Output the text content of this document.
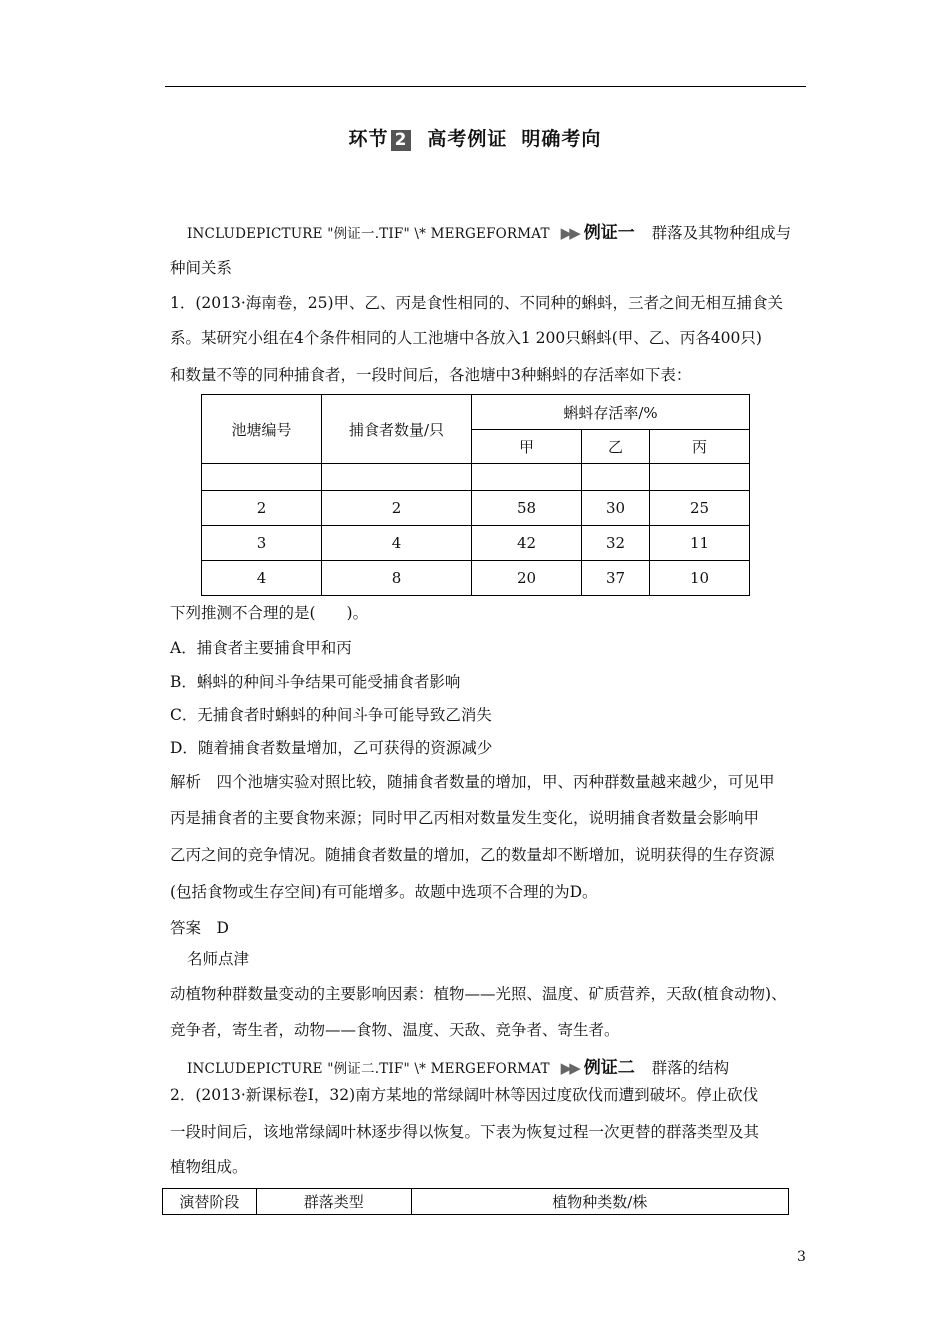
环节 2 高考例证 明确考向
INCLUDEPICTURE "例证一.TIF" \* MERGEFORMAT ▶▶ 例证一 群落及其物种组成与
种间关系
1．(2013·海南卷，25)甲、乙、丙是食性相同的、不同种的蝌蚪，三者之间无相互捕食关
系。某研究小组在4个条件相同的人工池塘中各放入1 200只蝌蚪(甲、乙、丙各400只)
和数量不等的同种捕食者，一段时间后，各池塘中3种蝌蚪的存活率如下表：
池塘编号	捕食者数量/只	蝌蚪存活率/%		
		甲	乙	丙

2	2	58	30	25
3	4	42	32	11
4	8	20	37	10
下列推测不合理的是(　　)。
A．捕食者主要捕食甲和丙
B．蝌蚪的种间斗争结果可能受捕食者影响
C．无捕食者时蝌蚪的种间斗争可能导致乙消失
D．随着捕食者数量增加，乙可获得的资源减少
解析　四个池塘实验对照比较，随捕食者数量的增加，甲、丙种群数量越来越少，可见甲
丙是捕食者的主要食物来源；同时甲乙丙相对数量发生变化，说明捕食者数量会影响甲
乙丙之间的竞争情况。随捕食者数量的增加，乙的数量却不断增加，说明获得的生存资源
(包括食物或生存空间)有可能增多。故题中选项不合理的为D。
答案　D
名师点津
动植物种群数量变动的主要影响因素：植物——光照、温度、矿质营养，天敌(植食动物)、
竞争者，寄生者，动物——食物、温度、天敌、竞争者、寄生者。
INCLUDEPICTURE "例证二.TIF" \* MERGEFORMAT ▶▶ 例证二 群落的结构
2．(2013·新课标卷Ⅰ，32)南方某地的常绿阔叶林等因过度砍伐而遭到破坏。停止砍伐
一段时间后，该地常绿阔叶林逐步得以恢复。下表为恢复过程一次更替的群落类型及其
植物组成。
演替阶段	群落类型	植物种类数/株
3
